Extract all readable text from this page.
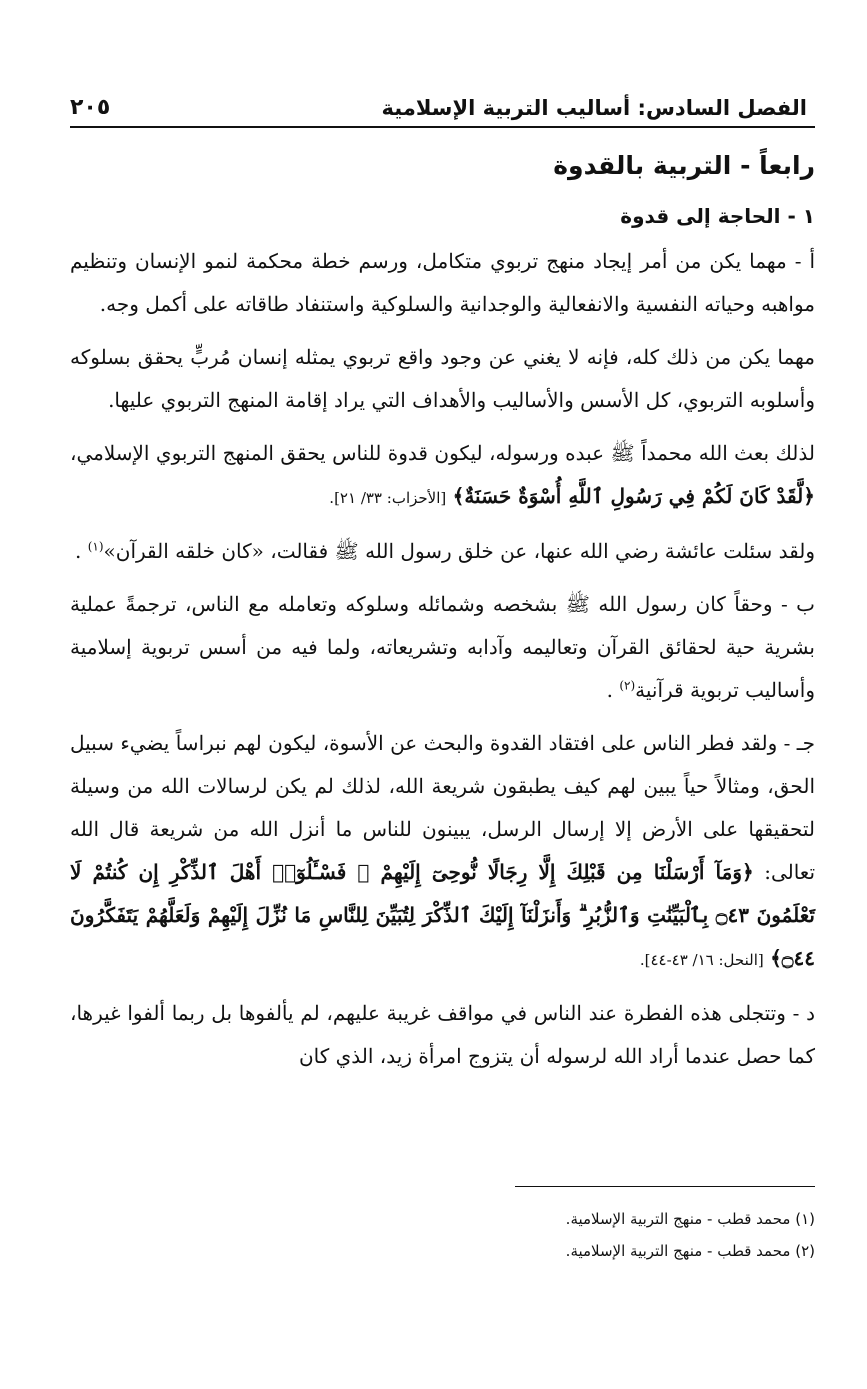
الفصل السادس: أساليب التربية الإسلامية
٢٠٥
رابعاً - التربية بالقدوة
١ - الحاجة إلى قدوة

أ - مهما يكن من أمر إيجاد منهج تربوي متكامل، ورسم خطة محكمة لنمو الإنسان وتنظيم مواهبه وحياته النفسية والانفعالية والوجدانية والسلوكية واستنفاد طاقاته على أكمل وجه.

مهما يكن من ذلك كله، فإنه لا يغني عن وجود واقع تربوي يمثله إنسان مُربٍّ يحقق بسلوكه وأسلوبه التربوي، كل الأسس والأساليب والأهداف التي يراد إقامة المنهج التربوي عليها.

لذلك بعث الله محمداً ﷺ عبده ورسوله، ليكون قدوة للناس يحقق المنهج التربوي الإسلامي، ﴿لَّقَدْ كَانَ لَكُمْ فِي رَسُولِ ٱللَّهِ أُسْوَةٌ حَسَنَةٌ﴾ [الأحزاب: ٣٣/ ٢١].

ولقد سئلت عائشة رضي الله عنها، عن خلق رسول الله ﷺ فقالت، «كان خلقه القرآن»$^{(١)}$ .

ب - وحقاً كان رسول الله ﷺ بشخصه وشمائله وسلوكه وتعامله مع الناس، ترجمةً عملية بشرية حية لحقائق القرآن وتعاليمه وآدابه وتشريعاته، ولما فيه من أسس تربوية إسلامية وأساليب تربوية قرآنية$^{(٢)}$ .

جـ - ولقد فطر الناس على افتقاد القدوة والبحث عن الأسوة، ليكون لهم نبراساً يضيء سبيل الحق، ومثالاً حياً يبين لهم كيف يطبقون شريعة الله، لذلك لم يكن لرسالات الله من وسيلة لتحقيقها على الأرض إلا إرسال الرسل، يبينون للناس ما أنزل الله من شريعة قال الله تعالى: ﴿وَمَآ أَرْسَلْنَا مِن قَبْلِكَ إِلَّا رِجَالًا نُّوحِىٓ إِلَيْهِمْ ۚ فَسْـَٔلُوٓا۟ أَهْلَ ٱلذِّكْرِ إِن كُنتُمْ لَا تَعْلَمُونَ ۝٤٣ بِٱلْبَيِّنَٰتِ وَٱلزُّبُرِ ۗ وَأَنزَلْنَآ إِلَيْكَ ٱلذِّكْرَ لِتُبَيِّنَ لِلنَّاسِ مَا نُزِّلَ إِلَيْهِمْ وَلَعَلَّهُمْ يَتَفَكَّرُونَ ۝٤٤﴾ [النحل: ١٦/ ٤٣-٤٤].

د - وتتجلى هذه الفطرة عند الناس في مواقف غريبة عليهم، لم يألفوها بل ربما ألفوا غيرها، كما حصل عندما أراد الله لرسوله أن يتزوج امرأة زيد، الذي كان

(١) محمد قطب - منهج التربية الإسلامية.
(٢) محمد قطب - منهج التربية الإسلامية.
